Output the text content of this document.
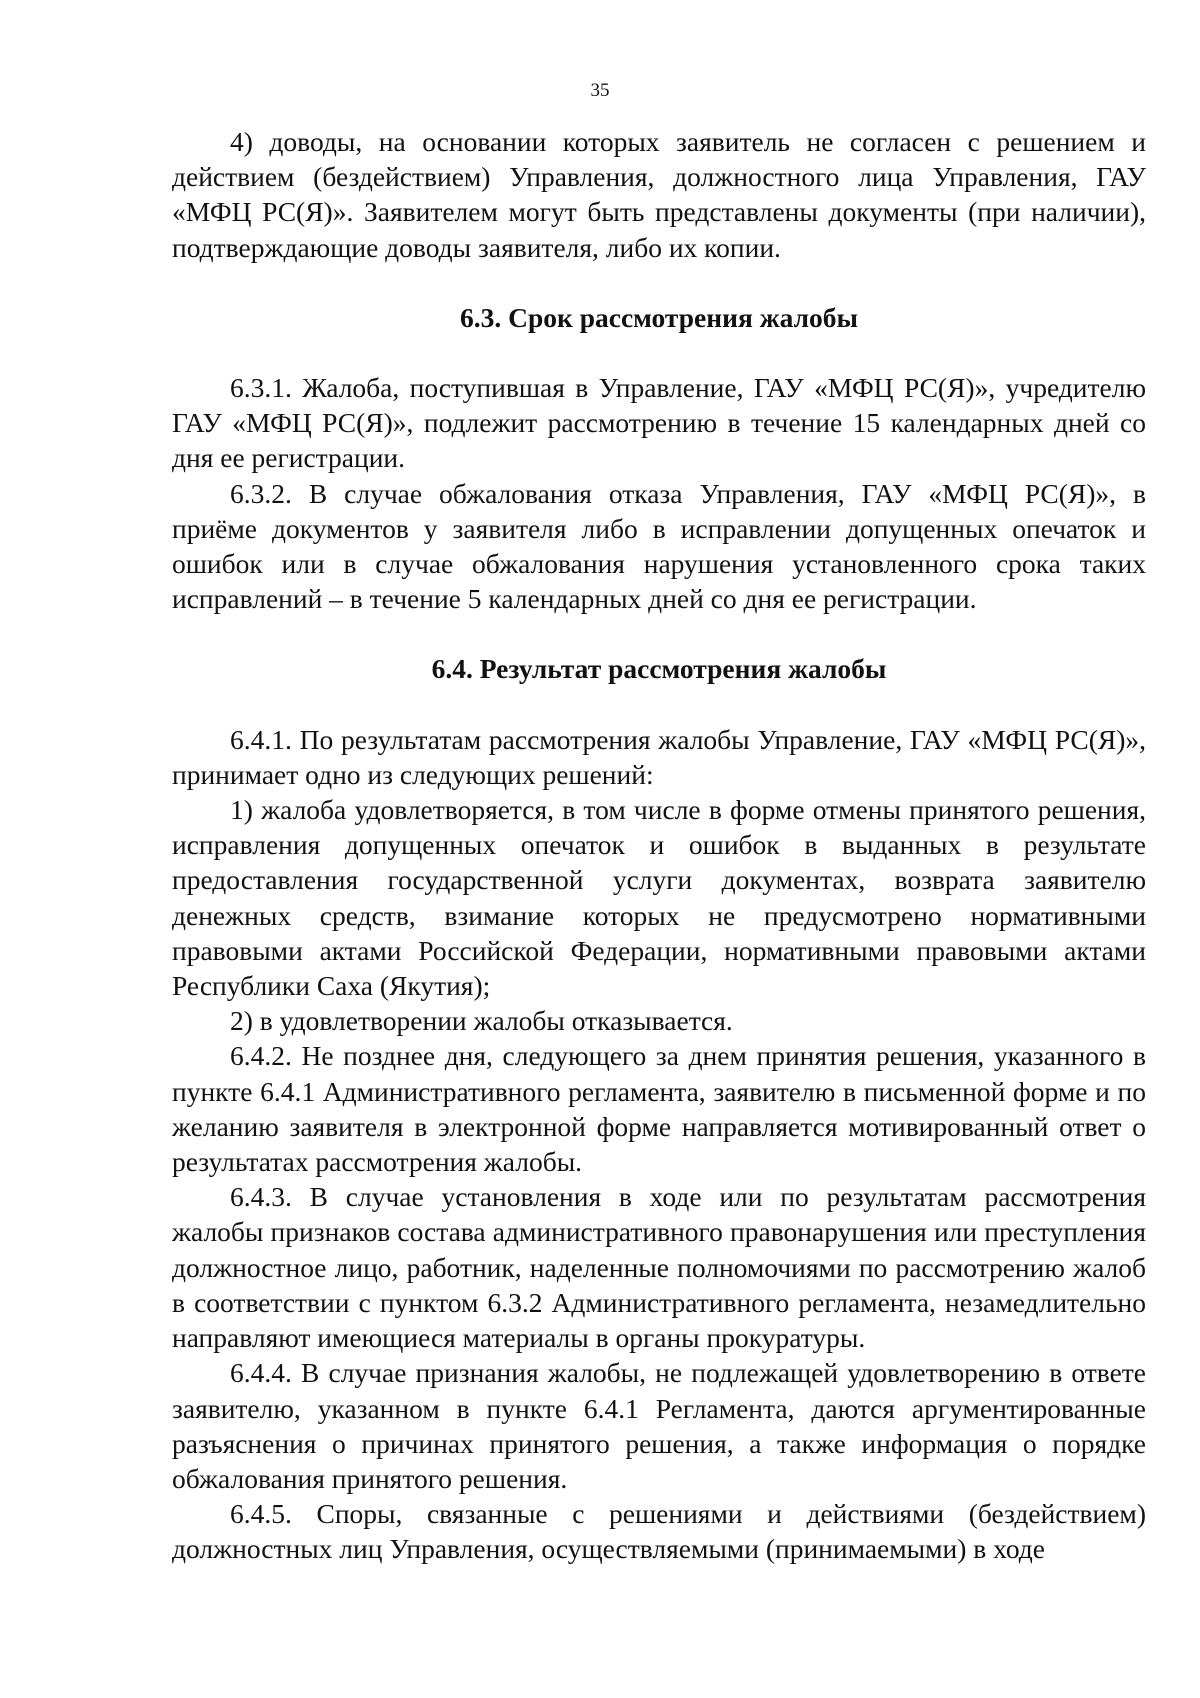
35

4) доводы, на основании которых заявитель не согласен с решением и действием (бездействием) Управления, должностного лица Управления, ГАУ «МФЦ РС(Я)». Заявителем могут быть представлены документы (при наличии), подтверждающие доводы заявителя, либо их копии.

6.3. Срок рассмотрения жалобы

6.3.1. Жалоба, поступившая в Управление, ГАУ «МФЦ РС(Я)», учредителю ГАУ «МФЦ РС(Я)», подлежит рассмотрению в течение 15 календарных дней со дня ее регистрации.

6.3.2. В случае обжалования отказа Управления, ГАУ «МФЦ РС(Я)», в приёме документов у заявителя либо в исправлении допущенных опечаток и ошибок или в случае обжалования нарушения установленного срока таких исправлений – в течение 5 календарных дней со дня ее регистрации.

6.4. Результат рассмотрения жалобы

6.4.1. По результатам рассмотрения жалобы Управление, ГАУ «МФЦ РС(Я)», принимает одно из следующих решений:

1) жалоба удовлетворяется, в том числе в форме отмены принятого решения, исправления допущенных опечаток и ошибок в выданных в результате предоставления государственной услуги документах, возврата заявителю денежных средств, взимание которых не предусмотрено нормативными правовыми актами Российской Федерации, нормативными правовыми актами Республики Саха (Якутия);

2) в удовлетворении жалобы отказывается.

6.4.2. Не позднее дня, следующего за днем принятия решения, указанного в пункте 6.4.1 Административного регламента, заявителю в письменной форме и по желанию заявителя в электронной форме направляется мотивированный ответ о результатах рассмотрения жалобы.

6.4.3. В случае установления в ходе или по результатам рассмотрения жалобы признаков состава административного правонарушения или преступления должностное лицо, работник, наделенные полномочиями по рассмотрению жалоб в соответствии с пунктом 6.3.2 Административного регламента, незамедлительно направляют имеющиеся материалы в органы прокуратуры.

6.4.4. В случае признания жалобы, не подлежащей удовлетворению в ответе заявителю, указанном в пункте 6.4.1 Регламента, даются аргументированные разъяснения о причинах принятого решения, а также информация о порядке обжалования принятого решения.

6.4.5. Споры, связанные с решениями и действиями (бездействием) должностных лиц Управления, осуществляемыми (принимаемыми) в ходе
